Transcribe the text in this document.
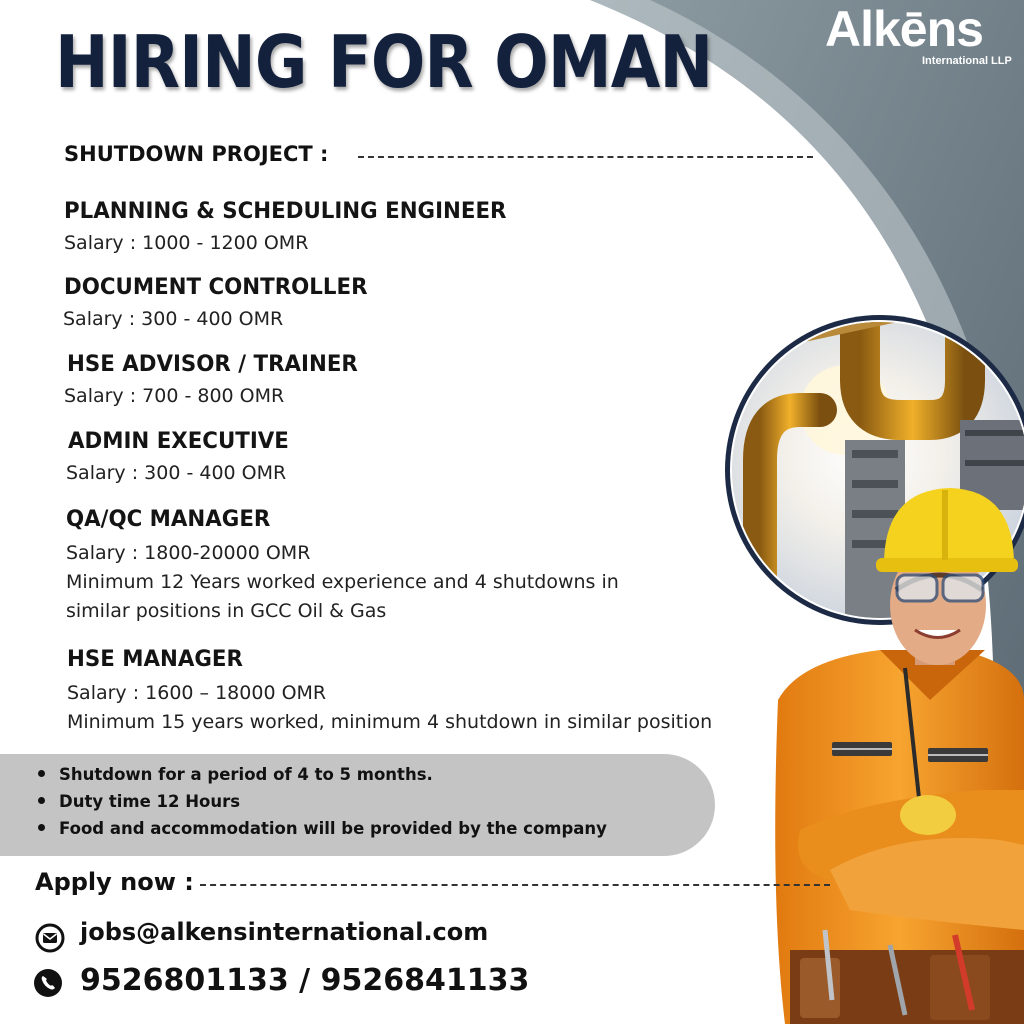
Alkēns
International LLP
HIRING FOR OMAN
SHUTDOWN PROJECT :
PLANNING & SCHEDULING ENGINEER
Salary : 1000 - 1200 OMR
DOCUMENT CONTROLLER
Salary : 300 - 400 OMR
HSE ADVISOR / TRAINER
Salary : 700 - 800 OMR
ADMIN EXECUTIVE
Salary : 300 - 400 OMR
QA/QC MANAGER
Salary : 1800-20000 OMR
Minimum 12 Years worked experience and 4 shutdowns in
similar positions in GCC Oil & Gas
HSE MANAGER
Salary : 1600 – 18000 OMR
Minimum 15 years worked, minimum 4 shutdown in similar position
Shutdown for a period of 4 to 5 months.
Duty time 12 Hours
Food and accommodation will be provided by the company
Apply now :
jobs@alkensinternational.com
9526801133 / 9526841133
